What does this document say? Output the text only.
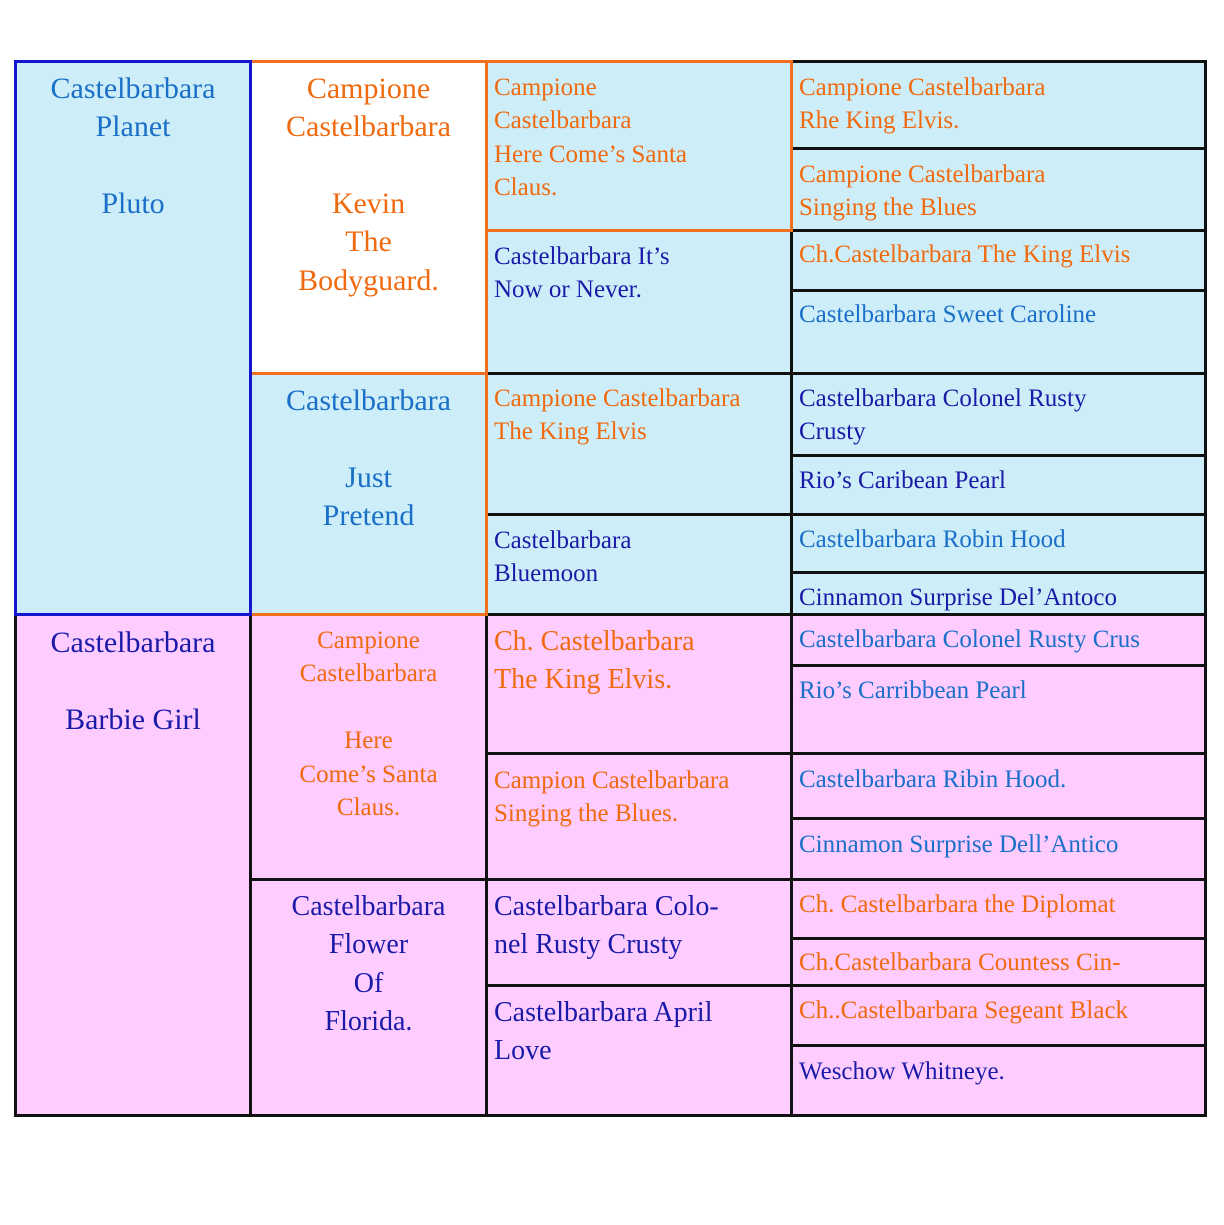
Campione Castelbarbara
Rhe King Elvis.
Campione Castelbarbara
Singing the Blues
Ch.Castelbarbara The King Elvis
Castelbarbara Sweet Caroline
Castelbarbara Colonel Rusty
Crusty
Rio’s Caribean Pearl
Castelbarbara Robin Hood
Cinnamon Surprise Del’Antoco
Castelbarbara Colonel Rusty Crus
Rio’s Carribbean Pearl
Castelbarbara Ribin Hood.
Cinnamon Surprise Dell’Antico
Ch. Castelbarbara the Diplomat
Ch.Castelbarbara Countess Cin-
Ch..Castelbarbara Segeant Black
Weschow Whitneye.
Castelbarbara It’s
Now or Never.
Campione
Castelbarbara
Here Come’s Santa
Claus.
Castelbarbara
Bluemoon
Campione Castelbarbara
The King Elvis
Ch. Castelbarbara
The King Elvis.
Campion Castelbarbara
Singing the Blues.
Castelbarbara Colo-
nel Rusty Crusty
Castelbarbara April
Love
Campione
Castelbarbara
Here
Come’s Santa
Claus.
Castelbarbara
Flower
Of
Florida.
Campione
Castelbarbara
Kevin
The
Bodyguard.
Castelbarbara
Just
Pretend
Castelbarbara
Barbie Girl
Castelbarbara
Planet
Pluto
